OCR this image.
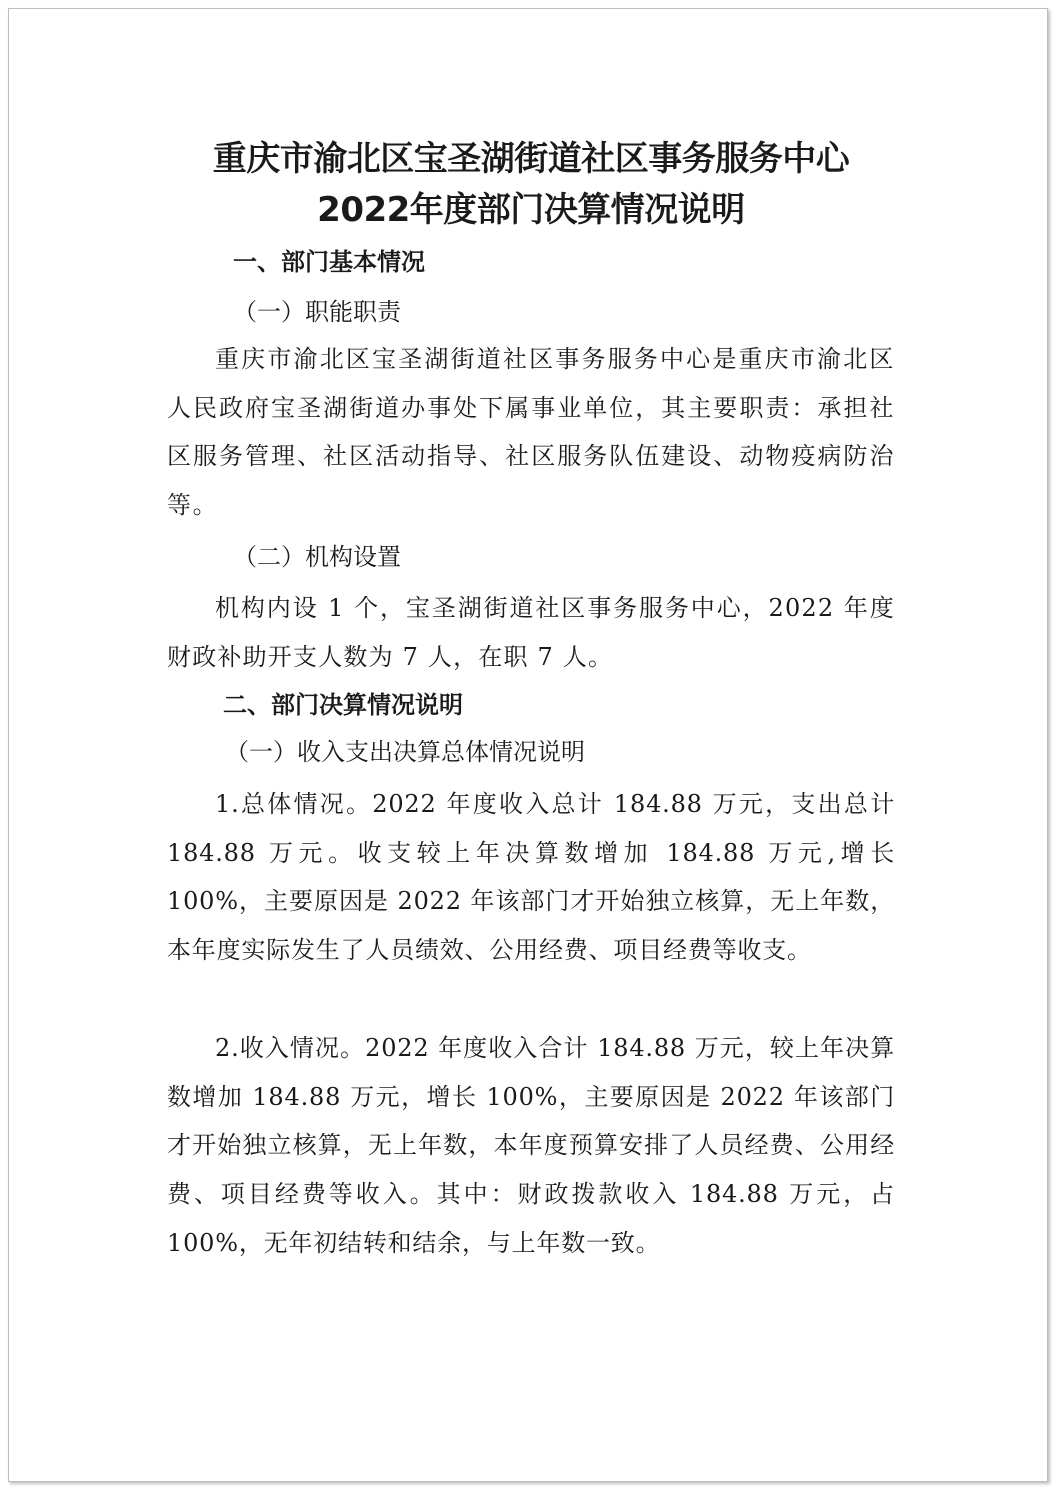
重庆市渝北区宝圣湖街道社区事务服务中心

2022年度部门决算情况说明

一、部门基本情况

（一）职能职责

重庆市渝北区宝圣湖街道社区事务服务中心是重庆市渝北区人民政府宝圣湖街道办事处下属事业单位，其主要职责：承担社区服务管理、社区活动指导、社区服务队伍建设、动物疫病防治等。

（二）机构设置

机构内设 1 个，宝圣湖街道社区事务服务中心，2022 年度财政补助开支人数为 7 人，在职 7 人。

二、部门决算情况说明

（一）收入支出决算总体情况说明

1.总体情况。2022 年度收入总计 184.88 万元，支出总计 184.88 万元。收支较上年决算数增加 184.88 万元,增长 100%，主要原因是 2022 年该部门才开始独立核算，无上年数，本年度实际发生了人员绩效、公用经费、项目经费等收支。

2.收入情况。2022 年度收入合计 184.88 万元，较上年决算数增加 184.88 万元，增长 100%，主要原因是 2022 年该部门才开始独立核算，无上年数，本年度预算安排了人员经费、公用经费、项目经费等收入。其中：财政拨款收入 184.88 万元，占 100%，无年初结转和结余，与上年数一致。
